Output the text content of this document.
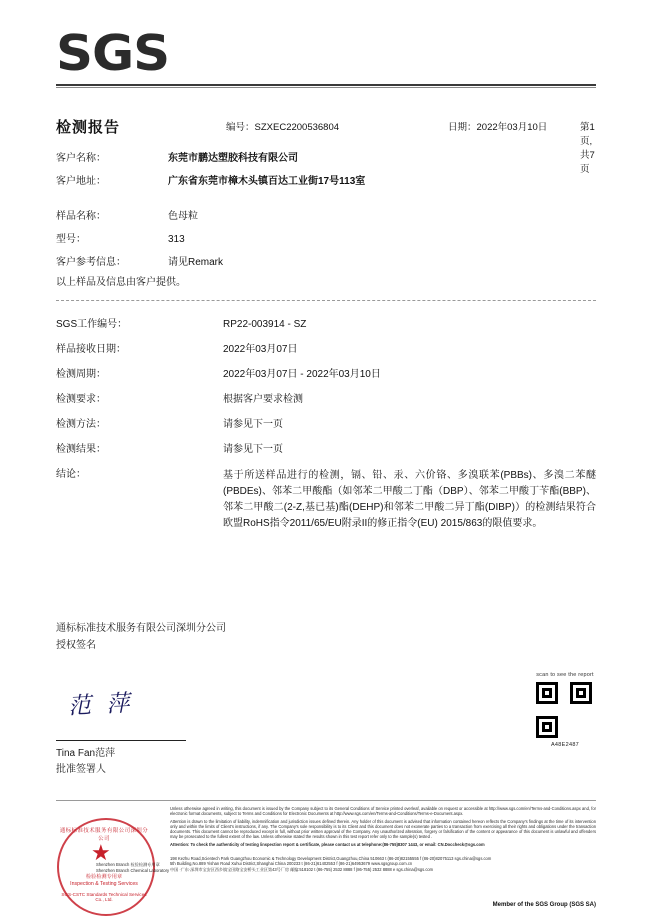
SGS
检测报告	编号：SZXEC2200536804	日期：2022年03月10日	第1页,共7页
客户名称：	东莞市鹏达塑胶科技有限公司
客户地址：	广东省东莞市樟木头镇百达工业街17号113室
样品名称：	色母粒
型号：	313
客户参考信息：	请见Remark
以上样品及信息由客户提供。
SGS工作编号：	RP22-003914 - SZ
样品接收日期：	2022年03月07日
检测周期：	2022年03月07日 - 2022年03月10日
检测要求：	根据客户要求检测
检测方法：	请参见下一页
检测结果：	请参见下一页
结论：	基于所送样品进行的检测，镉、铅、汞、六价铬、多溴联苯(PBBs)、多溴二苯醚(PBDEs)、邻苯二甲酸酯（如邻苯二甲酸二丁酯（DBP）、邻苯二甲酸丁苄酯(BBP)、邻苯二甲酸二(2-Z,基已基)酯(DEHP)和邻苯二甲酸二异丁酯(DIBP)）的检测结果符合欧盟RoHS指令2011/65/EU附录II的修正指令(EU) 2015/863的限值要求。
通标标准技术服务有限公司深圳分公司
授权签名
范 萍
Tina Fan范萍
批准签署人
scan to see the report
A48E2487
通标标准技术服务有限公司深圳分公司
检验检测专用章
Inspection & Testing Services
SGS-CSTC Standards Technical Services Co., Ltd.
Shenzhen Branch 检验检测专用章
Shenzhen Branch Chemical Laboratory

Unless otherwise agreed in writing, this document is issued by the Company subject to its General Conditions of Service printed overleaf, available on request or accessible at http://www.sgs.com/en/Terms-and-Conditions.aspx and, for electronic format documents, subject to Terms and Conditions for Electronic Documents at http://www.sgs.com/en/Terms-and-Conditions/Terms-e-Document.aspx.

Attention is drawn to the limitation of liability, indemnification and jurisdiction issues defined therein. Any holder of this document is advised that information contained hereon reflects the Company's findings at the time of its intervention only and within the limits of Client's instructions, if any. The Company's sole responsibility is to its Client and this document does not exonerate parties to a transaction from exercising all their rights and obligations under the transaction documents. This document cannot be reproduced except in full, without prior written approval of the Company. Any unauthorized alteration, forgery or falsification of the content or appearance of this document is unlawful and offenders may be prosecuted to the fullest extent of the law. Unless otherwise stated the results shown in this test report refer only to the sample(s) tested .

Attention: To check the authenticity of testing /inspection report & certificate, please contact us at telephone:(86-755)8307 1443, or email: CN.Doccheck@sgs.com

198 Kezhu Road,Scientech Park Guangzhou Economic & Technology Development District,Guangzhou,China 510663 t (86-20)82155555 f (86-20)82075113 sgs.china@sgs.com
5th Building,No.889 Yishan Road Xuhui District,Shanghai China 200233 t (86-21)61402553 f (86-21)64953679 www.sgsgroup.com.cn
中国 ·广东·深圳市宝安区西乡镇宝田路宝安桥头工业区第43号厂房 邮编:518102 t (86-755) 2532 8888 f (86-755) 2532 8888 e sgs.china@sgs.com
Member of the SGS Group (SGS SA)
